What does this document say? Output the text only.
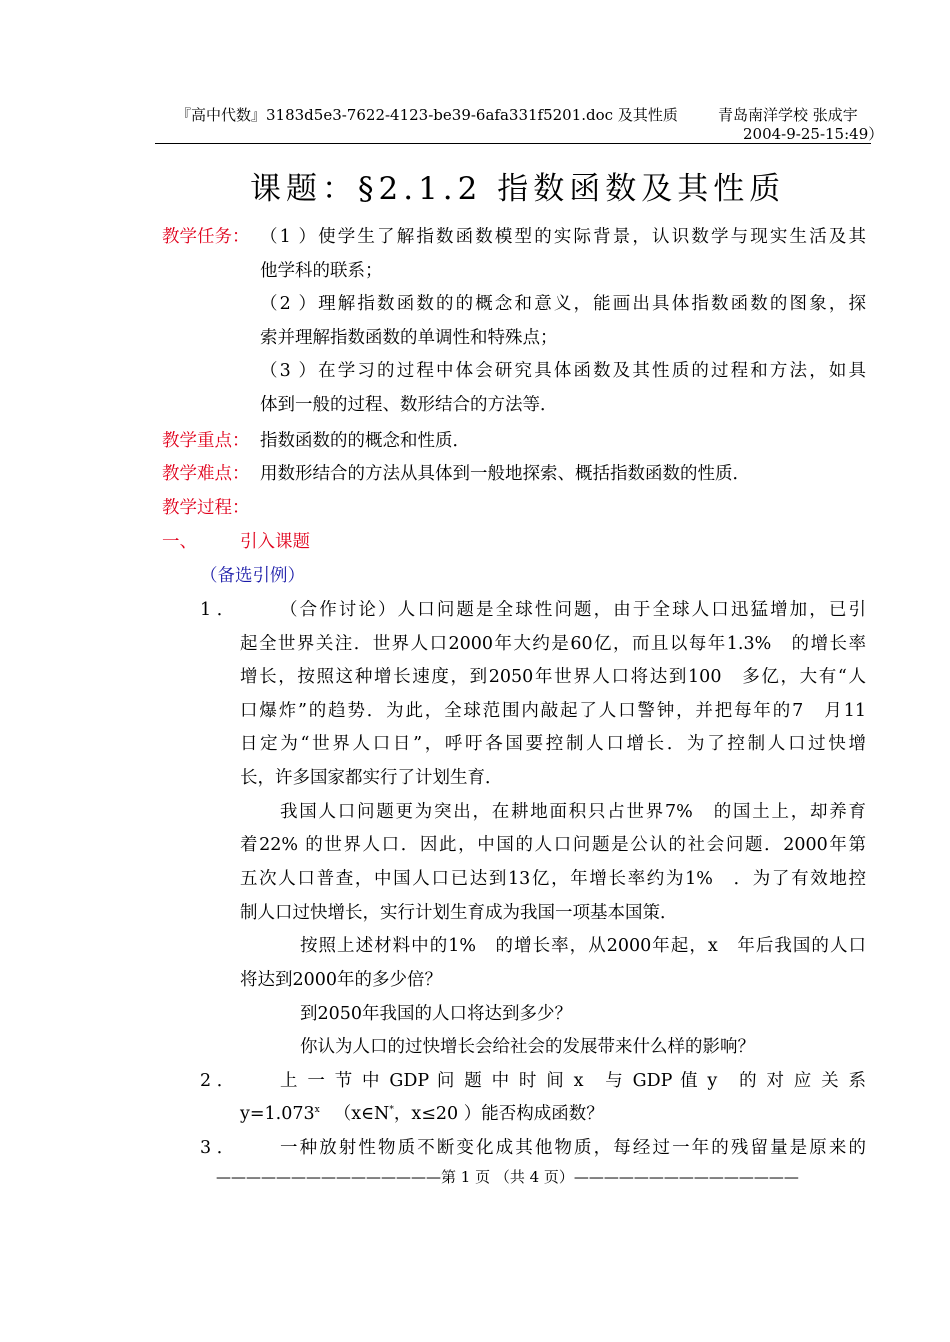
『高中代数』3183d5e3-7622-4123-be39-6afa331f5201.doc 及其性质	青岛南洋学校 张成宇
2004-9-25-15:49）
课题：§2.1.2 指数函数及其性质
教学任务： （1 ）使学生了解指数函数模型的实际背景，认识数学与现实生活及其
他学科的联系；
（2 ）理解指数函数的的概念和意义，能画出具体指数函数的图象，探
索并理解指数函数的单调性和特殊点；
（3 ）在学习的过程中体会研究具体函数及其性质的过程和方法，如具
体到一般的过程、数形结合的方法等．
教学重点： 指数函数的的概念和性质．
教学难点： 用数形结合的方法从具体到一般地探索、概括指数函数的性质．
教学过程：
一、 引入课题
（备选引例）
1 ．	（合作讨论）人口问题是全球性问题，由于全球人口迅猛增加，已引
起全世界关注．世界人口2000年大约是60亿，而且以每年1.3%　的增长率
增长，按照这种增长速度，到2050年世界人口将达到100　多亿，大有“人
口爆炸”的趋势．为此，全球范围内敲起了人口警钟，并把每年的7　月11
日定为“世界人口日”，呼吁各国要控制人口增长．为了控制人口过快增
长，许多国家都实行了计划生育．
我国人口问题更为突出，在耕地面积只占世界7%　的国土上，却养育
着22% 的世界人口．因此，中国的人口问题是公认的社会问题．2000年第
五次人口普查，中国人口已达到13亿，年增长率约为1%　．为了有效地控
制人口过快增长，实行计划生育成为我国一项基本国策．
按照上述材料中的1%　的增长率，从2000年起，x　年后我国的人口
将达到2000年的多少倍？
到2050年我国的人口将达到多少？
你认为人口的过快增长会给社会的发展带来什么样的影响？
2 ．	上 一 节 中 GDP 问 题 中 时 间 x　与 GDP 值 y　的 对 应 关 系
$y=1.073^x$ （x∈N*，x≤20 ）能否构成函数？
3 ．	一种放射性物质不断变化成其他物质，每经过一年的残留量是原来的
———————————————第 1 页 （共 4 页）———————————————
